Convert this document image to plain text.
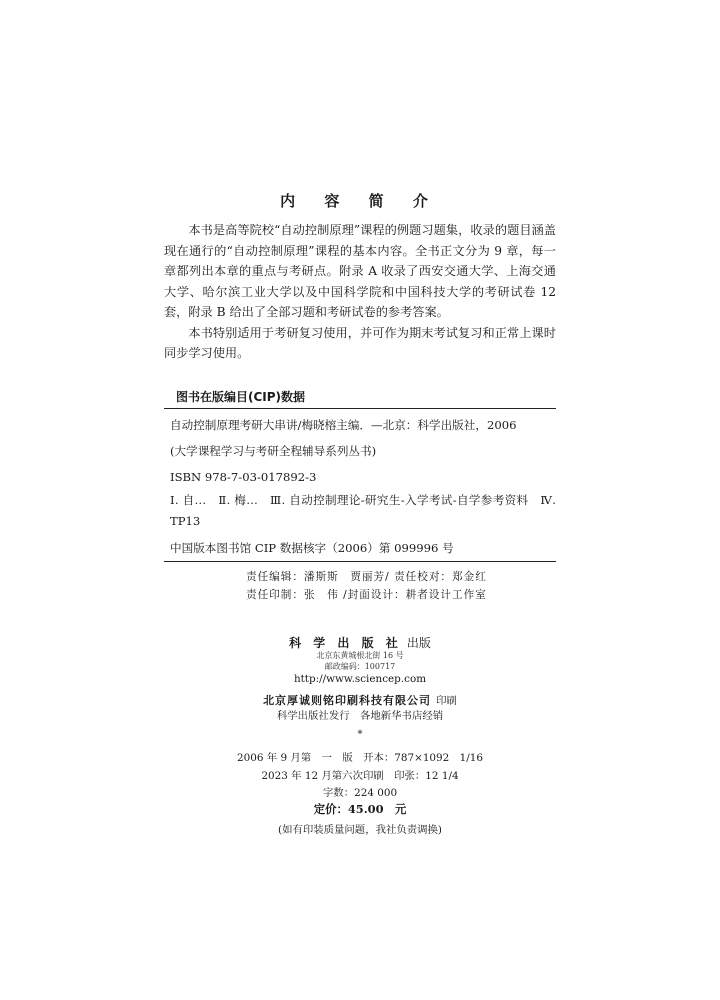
内 容 简 介

本书是高等院校“自动控制原理”课程的例题习题集，收录的题目涵盖现在通行的“自动控制原理”课程的基本内容。全书正文分为 9 章，每一章都列出本章的重点与考研点。附录 A 收录了西安交通大学、上海交通大学、哈尔滨工业大学以及中国科学院和中国科技大学的考研试卷 12 套，附录 B 给出了全部习题和考研试卷的参考答案。

本书特别适用于考研复习使用，并可作为期末考试复习和正常上课时同步学习使用。

图书在版编目(CIP)数据
自动控制原理考研大串讲/梅晓榕主编．—北京：科学出版社，2006
(大学课程学习与考研全程辅导系列丛书)
ISBN 978-7-03-017892-3
Ⅰ. 自…　Ⅱ. 梅…　Ⅲ. 自动控制理论-研究生-入学考试-自学参考资料　Ⅳ. TP13
中国版本图书馆 CIP 数据核字（2006）第 099996 号
责任编辑：潘斯斯　贾丽芳/ 责任校对：郑金红
责任印制：张　伟 /封面设计：耕者设计工作室
科 学 出 版 社 出版
北京东黄城根北街 16 号
邮政编码：100717
http://www.sciencep.com
北京厚诚则铭印刷科技有限公司 印刷
科学出版社发行　各地新华书店经销
*
2006 年 9 月第　一　版　开本：787×1092　1/16
2023 年 12 月第六次印刷　印张：12 1/4
字数：224 000
定价：45.00　元
(如有印装质量问题，我社负责调换)
